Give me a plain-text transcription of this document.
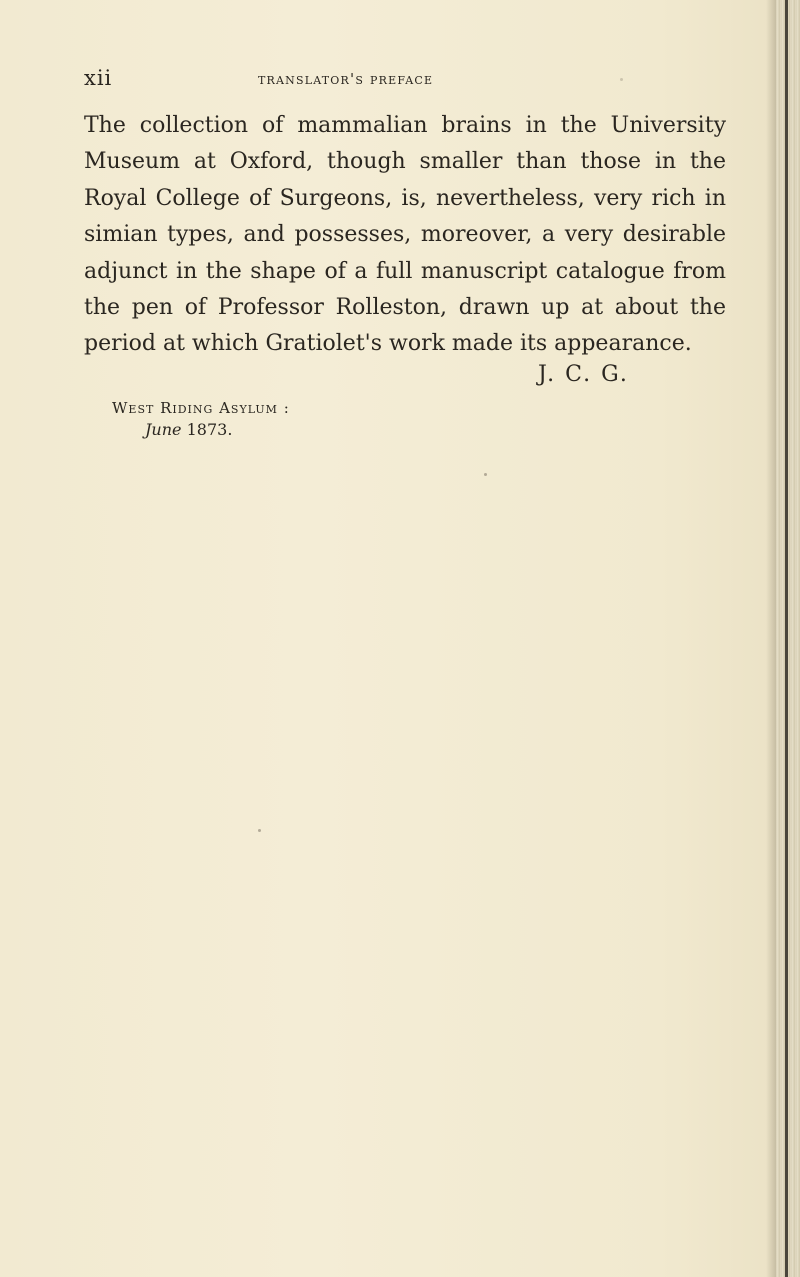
xii	translator's preface
The collection of mammalian brains in the University
Museum at Oxford, though smaller than those in the
Royal College of Surgeons, is, nevertheless, very rich in
simian types, and possesses, moreover, a very desirable
adjunct in the shape of a full manuscript catalogue from
the pen of Professor Rolleston, drawn up at about the
period at which Gratiolet's work made its appearance.
J. C. G.
West Riding Asylum :
June 1873.
